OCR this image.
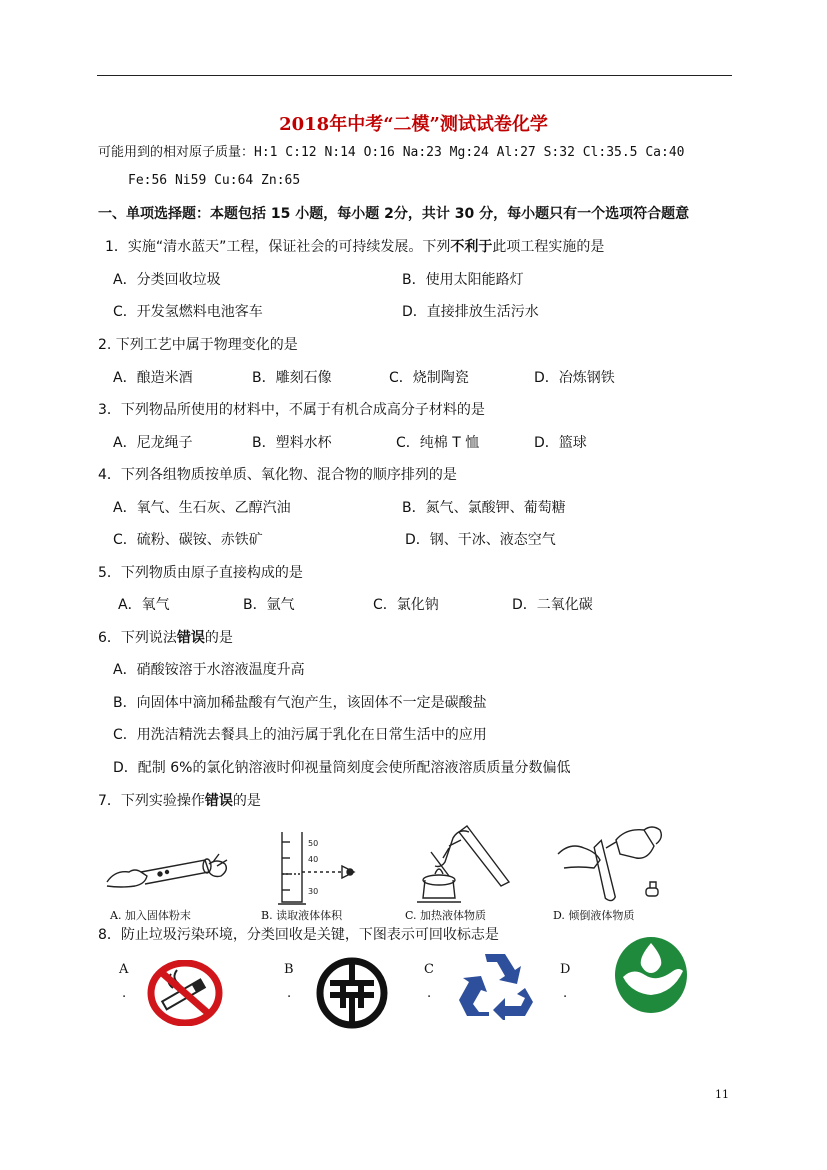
2018年中考“二模”测试试卷化学
可能用到的相对原子质量：H:1 C:12 N:14 O:16 Na:23 Mg:24 Al:27 S:32 Cl:35.5 Ca:40
Fe:56 Ni59 Cu:64 Zn:65
一、单项选择题：本题包括 15 小题，每小题 2分，共计 30 分，每小题只有一个选项符合题意
1．实施“清水蓝天”工程，保证社会的可持续发展。下列不利于此项工程实施的是
A．分类回收垃圾	B．使用太阳能路灯
C．开发氢燃料电池客车	D．直接排放生活污水
2. 下列工艺中属于物理变化的是
A．酿造米酒	B．雕刻石像	C．烧制陶瓷	D．冶炼钢铁
3．下列物品所使用的材料中，不属于有机合成高分子材料的是
A．尼龙绳子	B．塑料水杯	C．纯棉 T 恤	D．篮球
4．下列各组物质按单质、氧化物、混合物的顺序排列的是
A．氧气、生石灰、乙醇汽油	B．氮气、氯酸钾、葡萄糖
C．硫粉、碳铵、赤铁矿	D．钢、干冰、液态空气
5．下列物质由原子直接构成的是
A．氧气	B．氩气	C．氯化钠	D．二氧化碳
6．下列说法错误的是
A．硝酸铵溶于水溶液温度升高
B．向固体中滴加稀盐酸有气泡产生，该固体不一定是碳酸盐
C．用洗洁精洗去餐具上的油污属于乳化在日常生活中的应用
D．配制 6%的氯化钠溶液时仰视量筒刻度会使所配溶液溶质质量分数偏低
7．下列实验操作错误的是
A. 加入固体粉末
50
40
30
B. 读取液体体积	C. 加热液体物质	D. 倾倒液体物质
8．防止垃圾污染环境，分类回收是关键，下图表示可回收标志是
A
.
B
.
C
.
D
.
11
